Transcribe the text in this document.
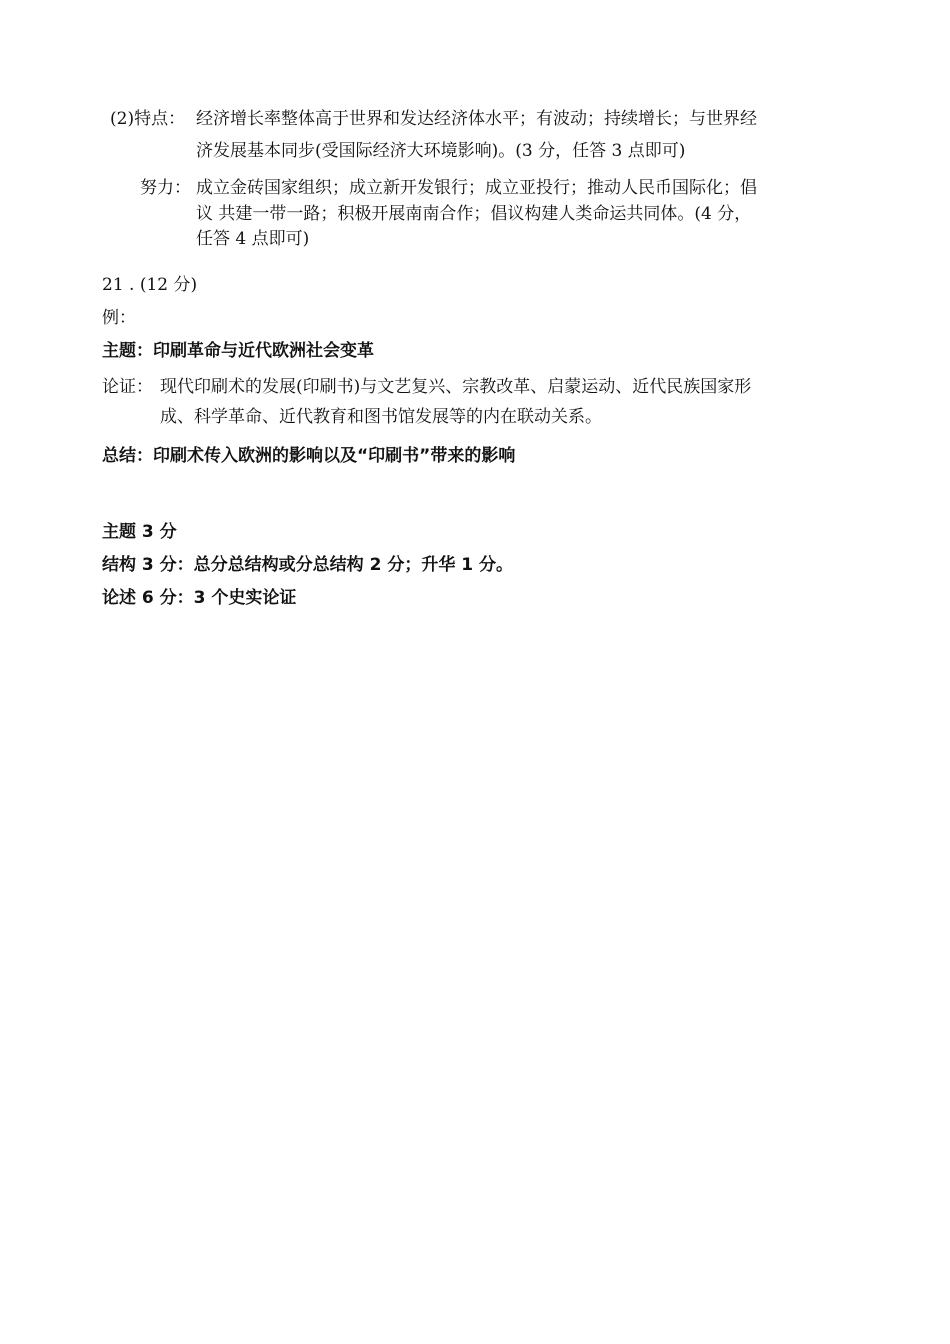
(2)特点： 经济增长率整体高于世界和发达经济体水平；有波动；持续增长；与世界经
济发展基本同步(受国际经济大环境影响)。(3 分，任答 3 点即可)
努力： 成立金砖国家组织；成立新开发银行；成立亚投行；推动人民币国际化；倡
议 共建一带一路；积极开展南南合作；倡议构建人类命运共同体。(4 分，
任答 4 点即可)
21 . (12 分)
例：
主题：印刷革命与近代欧洲社会变革
论证： 现代印刷术的发展(印刷书)与文艺复兴、宗教改革、启蒙运动、近代民族国家形
成、科学革命、近代教育和图书馆发展等的内在联动关系。
总结：印刷术传入欧洲的影响以及“印刷书”带来的影响
主题 3 分
结构 3 分：总分总结构或分总结构 2 分；升华 1 分。
论述 6 分：3 个史实论证
